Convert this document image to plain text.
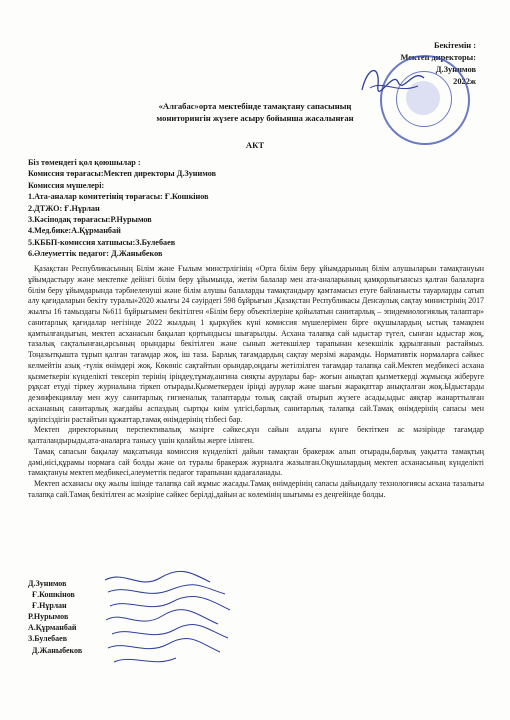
Бекітемін :
Мектеп директоры:
Д.Зунимов
2022ж
«Алгабас»орта мектебінде тамақтану сапасының
мониторингін жүзеге асыру бойынша жасалынған
АКТ
Біз төмендегі қол қоюшылар :
Комиссия төрағасы:Мектеп директоры Д.Зунимов
Комиссия мүшелері:
1.Ата-аналар комитетінің төрағасы: Ғ.Кошкінов
2.ДТЖО: Ғ.Нұрлан
3.Кәсіподақ төрағасы:Р.Нурымов
4.Мед.бике:А.Құрманбай
5.КББП-комиссия хатшысы:З.Булебаев
6.Әлеуметтік педагог: Д.Жаныбеков

Қазақстан Республикасының Білім және Ғылым минстрлігінің «Орта білім беру ұйымдарының білім алушыларын тамақтануын ұйымдастыру және мектепке дейінгі білім беру ұйымында, жетім балалар мен ата-аналарының қамқорлығынсыз қалған балаларға білім беру ұйымдарында тәрбиеленуші және білім алушы балаларды тамақтандыру қамтамасыз етуге байланысты тауарларды сатып алу қағидаларын бекіту туралы»2020 жылғы 24 сәуірдегі 598 бұйрығын ,Қазақстан Республикасы Денсаулық сақтау министрінің 2017 жылғы 16 тамыздағы №611 бұйрығымен бекітілген «Білім беру объектілеріне қойылатын санитарлық – эпидемиологиялық талаптар» санитарлық қағидалар негізінде 2022 жылдың 1 қыркүйек күні комиссия мүшелерімен бірге оқушылардың ыстық тамақпен қамтылғандығын, мектеп асханасын бақылап қортындысы шығарылды. Асхана талапқа сай ыдыстар түгел, сынған ыдыстар жоқ, тазалық сақталынған,арсының орындары бекітілген және сынып жетекшілер тарапынан кезекшілік құрылғанын растаймыз. Тоңазытқышта тұрып қалған тағамдар жоқ, іш таза. Барлық тағамдардың сақтау мерзімі жарамды. Нормативтік нормаларға сәйкес келмейтін азық -түлік өнімдері жоқ. Көкөніс сақтайтын орындар,оңдағы жетілзілген тағамдар талапқа сай.Мектеп медбикесі асхана қызметкерін күнделікті тексеріп терінің іріңдеу,тұмау,ангина сияқты аурулары бар- жоғын анықтап қызметкерді жұмысқа жіберуге рұқсат етуді тіркеу журналына тіркеп отырады.Қызметкерден іріңді аурулар және шағын жарақаттар анықталған жоқ.Ыдыстарды дезинфекциялау мен жуу санитарлық гигиеналық талаптарды толық сақтай отырып жүзеге асады,ыдыс аяқтар жанарттылған асхананың санитарлық жағдайы аспаздың сыртқы киім үлгісі,барлық санитарлық талапқа сай.Тамақ өнімдерінің сапасы мен қауіпсіздігін растайтын құжаттар,тамақ өнімдерінің тізбесі бар.

Мектеп директорының перспективалық мәзірге сәйкес,күн сайын алдағы күнге бектіткен ас мәзірінде тағамдар қалталандырыды,ата-аналарға танысу үшін қолайлы жерге ілінген.

Тамақ сапасын бақылау мақсатында комиссия күнделікті дайын тамақтан бракераж алып отырады,барлық уақытта тамақтың дәмі,иісі,құрамы нормаға сай болды және ол туралы бракераж журналға жазылған.Оқушылардың мектеп асханасының күнделікті тамақтануы мектеп медбикесі,әлеуметтік педагог тарапынан қадағаланады.

Мектеп асханасы оқу жылы ішінде талапқа сай жұмыс жасады.Тамақ өнімдерінің сапасы дайындалу технологиясы асхана тазалығы талапқа сай.Тамақ бекітілген ас мәзіріне сәйкес берілді,дайын ас көлемінің шығымы ез деңгейінде болды.

Д.Зунимов
Ғ.Кошкінов
Ғ.Нұрлан
Р.Нурымов
А.Құрманбай
З.Булебаев
Д.Жаныбеков
